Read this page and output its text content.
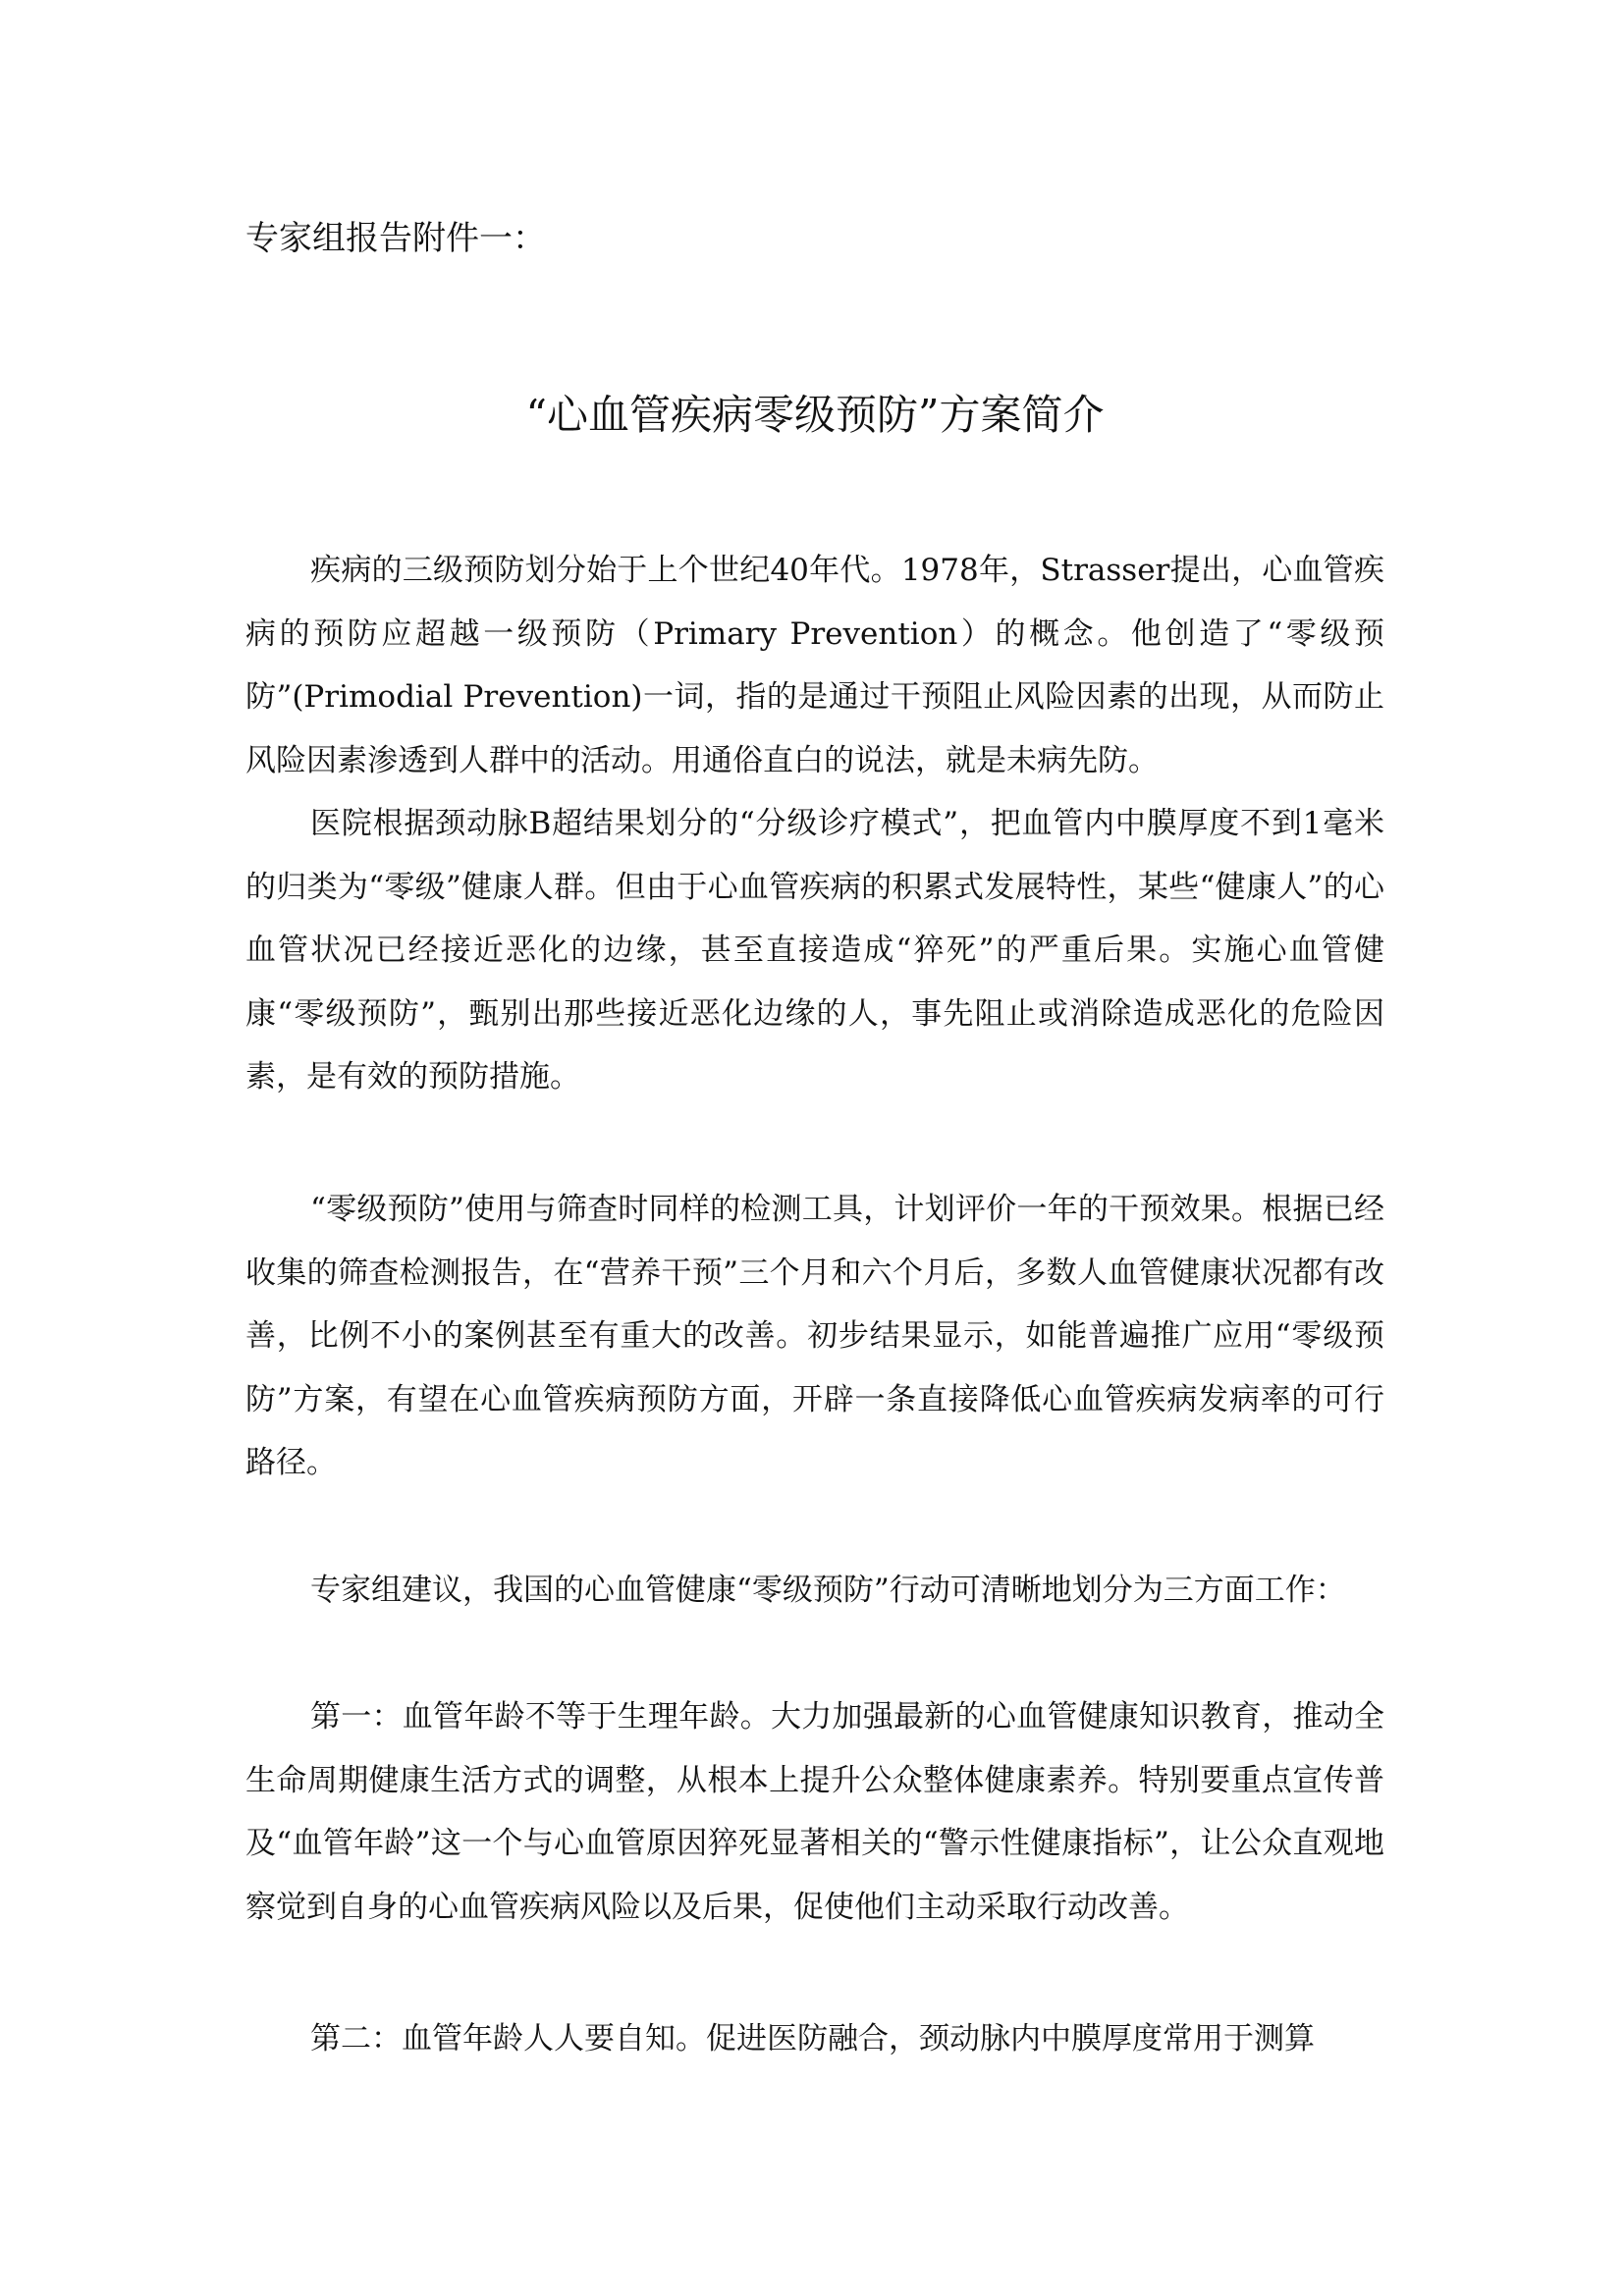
专家组报告附件一：
“心血管疾病零级预防”方案简介

疾病的三级预防划分始于上个世纪40年代。1978年，Strasser提出，心血管疾病的预防应超越一级预防（Primary Prevention）的概念。他创造了“零级预防”(Primodial Prevention)一词，指的是通过干预阻止风险因素的出现，从而防止风险因素渗透到人群中的活动。用通俗直白的说法，就是未病先防。

医院根据颈动脉B超结果划分的“分级诊疗模式”，把血管内中膜厚度不到1毫米的归类为“零级”健康人群。但由于心血管疾病的积累式发展特性，某些“健康人”的心血管状况已经接近恶化的边缘，甚至直接造成“猝死”的严重后果。实施心血管健康“零级预防”，甄别出那些接近恶化边缘的人，事先阻止或消除造成恶化的危险因素，是有效的预防措施。

“零级预防”使用与筛查时同样的检测工具，计划评价一年的干预效果。根据已经收集的筛查检测报告，在“营养干预”三个月和六个月后，多数人血管健康状况都有改善，比例不小的案例甚至有重大的改善。初步结果显示，如能普遍推广应用“零级预防”方案，有望在心血管疾病预防方面，开辟一条直接降低心血管疾病发病率的可行路径。

专家组建议，我国的心血管健康“零级预防”行动可清晰地划分为三方面工作：

第一：血管年龄不等于生理年龄。大力加强最新的心血管健康知识教育，推动全生命周期健康生活方式的调整，从根本上提升公众整体健康素养。特别要重点宣传普及“血管年龄”这一个与心血管原因猝死显著相关的“警示性健康指标”，让公众直观地察觉到自身的心血管疾病风险以及后果，促使他们主动采取行动改善。

第二：血管年龄人人要自知。促进医防融合，颈动脉内中膜厚度常用于测算
